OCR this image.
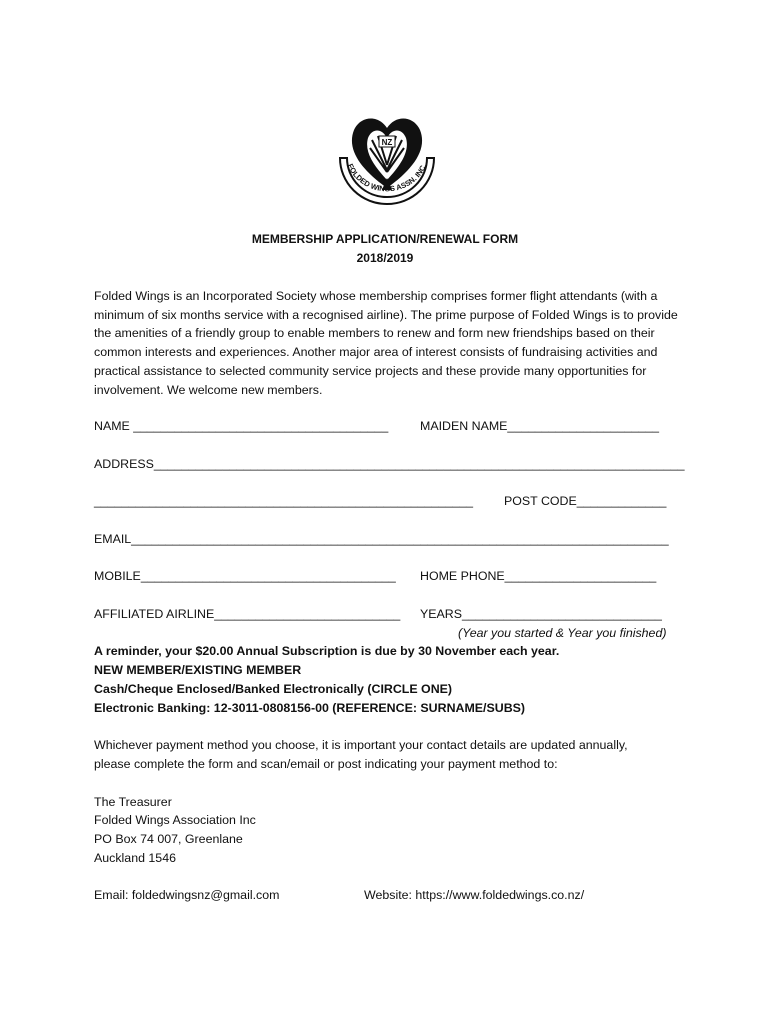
NZ
FOLDED WINGS ASSN. INC.
MEMBERSHIP APPLICATION/RENEWAL FORM
2018/2019
Folded Wings is an Incorporated Society whose membership comprises former flight attendants (with a minimum of six months service with a recognised airline). The prime purpose of Folded Wings is to provide the amenities of a friendly group to enable members to renew and form new friendships based on their common interests and experiences. Another major area of interest consists of fundraising activities and practical assistance to selected community service projects and these provide many opportunities for involvement. We welcome new members.
NAME _____________________________________	MAIDEN NAME______________________
ADDRESS_____________________________________________________________________________
_______________________________________________________ POST CODE_____________
EMAIL______________________________________________________________________________
MOBILE_____________________________________ HOME PHONE______________________
AFFILIATED AIRLINE___________________________ YEARS_____________________________
(Year you started & Year you finished)
A reminder, your $20.00 Annual Subscription is due by 30 November each year.
NEW MEMBER/EXISTING MEMBER
Cash/Cheque Enclosed/Banked Electronically (CIRCLE ONE)
Electronic Banking: 12-3011-0808156-00 (REFERENCE: SURNAME/SUBS)
Whichever payment method you choose, it is important your contact details are updated annually,
please complete the form and scan/email or post indicating your payment method to:
The Treasurer
Folded Wings Association Inc
PO Box 74 007, Greenlane
Auckland 1546
Email: foldedwingsnz@gmail.com	Website: https://www.foldedwings.co.nz/
